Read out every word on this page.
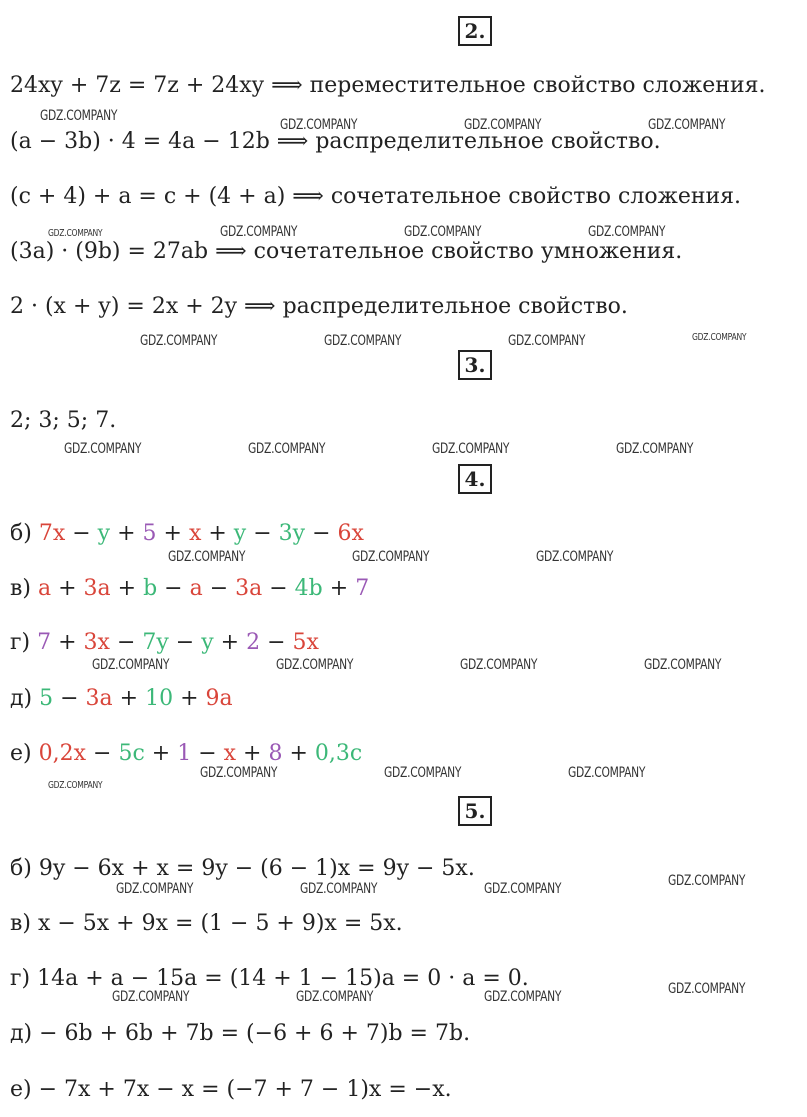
2.
24xy + 7z = 7z + 24xy ⟹ переместительное свойство сложения.
(a − 3b) · 4 = 4a − 12b ⟹ распределительное свойство.
(c + 4) + a = c + (4 + a) ⟹ сочетательное свойство сложения.
(3a) · (9b) = 27ab ⟹ сочетательное свойство умножения.
2 · (x + y) = 2x + 2y ⟹ распределительное свойство.
3.
2; 3; 5; 7.
4.
б) 7x − y + 5 + x + y − 3y − 6x
в) a + 3a + b − a − 3a − 4b + 7
г) 7 + 3x − 7y − y + 2 − 5x
д) 5 − 3a + 10 + 9a
е) 0,2x − 5c + 1 − x + 8 + 0,3c
5.
б) 9y − 6x + x = 9y − (6 − 1)x = 9y − 5x.
в) x − 5x + 9x = (1 − 5 + 9)x = 5x.
г) 14a + a − 15a = (14 + 1 − 15)a = 0 · a = 0.
д) − 6b + 6b + 7b = (−6 + 6 + 7)b = 7b.
е) − 7x + 7x − x = (−7 + 7 − 1)x = −x.
GDZ.COMPANY
GDZ.COMPANY	GDZ.COMPANY	GDZ.COMPANY
GDZ.COMPANY	GDZ.COMPANY	GDZ.COMPANY	GDZ.COMPANY
GDZ.COMPANY	GDZ.COMPANY	GDZ.COMPANY	GDZ.COMPANY
GDZ.COMPANY	GDZ.COMPANY	GDZ.COMPANY	GDZ.COMPANY
GDZ.COMPANY	GDZ.COMPANY	GDZ.COMPANY
GDZ.COMPANY	GDZ.COMPANY	GDZ.COMPANY	GDZ.COMPANY
GDZ.COMPANY	GDZ.COMPANY	GDZ.COMPANY
GDZ.COMPANY
GDZ.COMPANY	GDZ.COMPANY	GDZ.COMPANY	GDZ.COMPANY
GDZ.COMPANY	GDZ.COMPANY	GDZ.COMPANY	GDZ.COMPANY
